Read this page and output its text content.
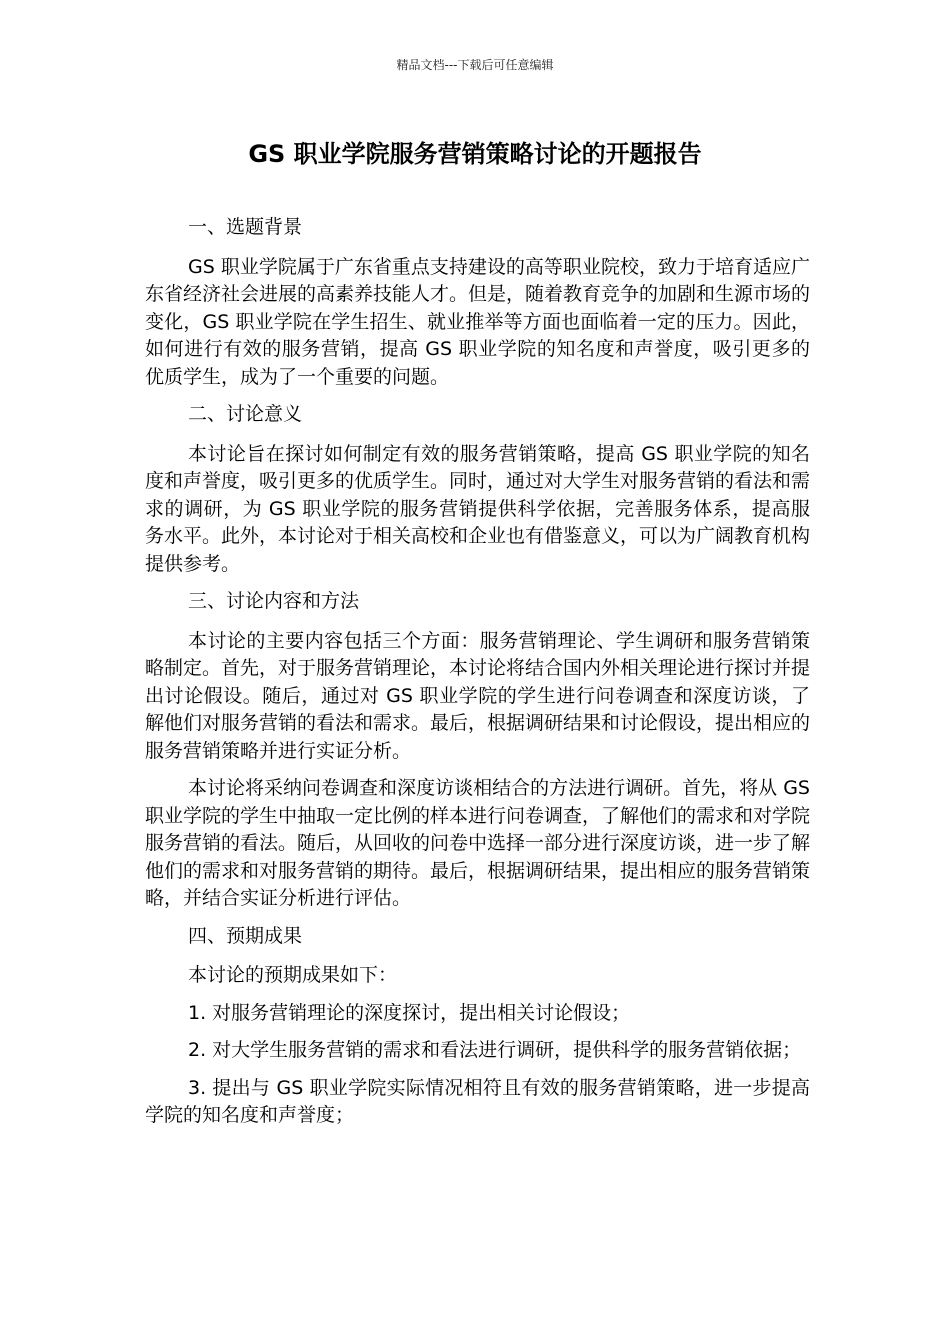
精品文档---下载后可任意编辑
GS 职业学院服务营销策略讨论的开题报告

一、选题背景

GS 职业学院属于广东省重点支持建设的高等职业院校，致力于培育适应广东省经济社会进展的高素养技能人才。但是，随着教育竞争的加剧和生源市场的变化，GS 职业学院在学生招生、就业推举等方面也面临着一定的压力。因此，如何进行有效的服务营销，提高 GS 职业学院的知名度和声誉度，吸引更多的优质学生，成为了一个重要的问题。

二、讨论意义

本讨论旨在探讨如何制定有效的服务营销策略，提高 GS 职业学院的知名度和声誉度，吸引更多的优质学生。同时，通过对大学生对服务营销的看法和需求的调研，为 GS 职业学院的服务营销提供科学依据，完善服务体系，提高服务水平。此外，本讨论对于相关高校和企业也有借鉴意义，可以为广阔教育机构提供参考。

三、讨论内容和方法

本讨论的主要内容包括三个方面：服务营销理论、学生调研和服务营销策略制定。首先，对于服务营销理论，本讨论将结合国内外相关理论进行探讨并提出讨论假设。随后，通过对 GS 职业学院的学生进行问卷调查和深度访谈，了解他们对服务营销的看法和需求。最后，根据调研结果和讨论假设，提出相应的服务营销策略并进行实证分析。

本讨论将采纳问卷调查和深度访谈相结合的方法进行调研。首先，将从 GS 职业学院的学生中抽取一定比例的样本进行问卷调查，了解他们的需求和对学院服务营销的看法。随后，从回收的问卷中选择一部分进行深度访谈，进一步了解他们的需求和对服务营销的期待。最后，根据调研结果，提出相应的服务营销策略，并结合实证分析进行评估。

四、预期成果

本讨论的预期成果如下：

1. 对服务营销理论的深度探讨，提出相关讨论假设；

2. 对大学生服务营销的需求和看法进行调研，提供科学的服务营销依据；

3. 提出与 GS 职业学院实际情况相符且有效的服务营销策略，进一步提高学院的知名度和声誉度；
